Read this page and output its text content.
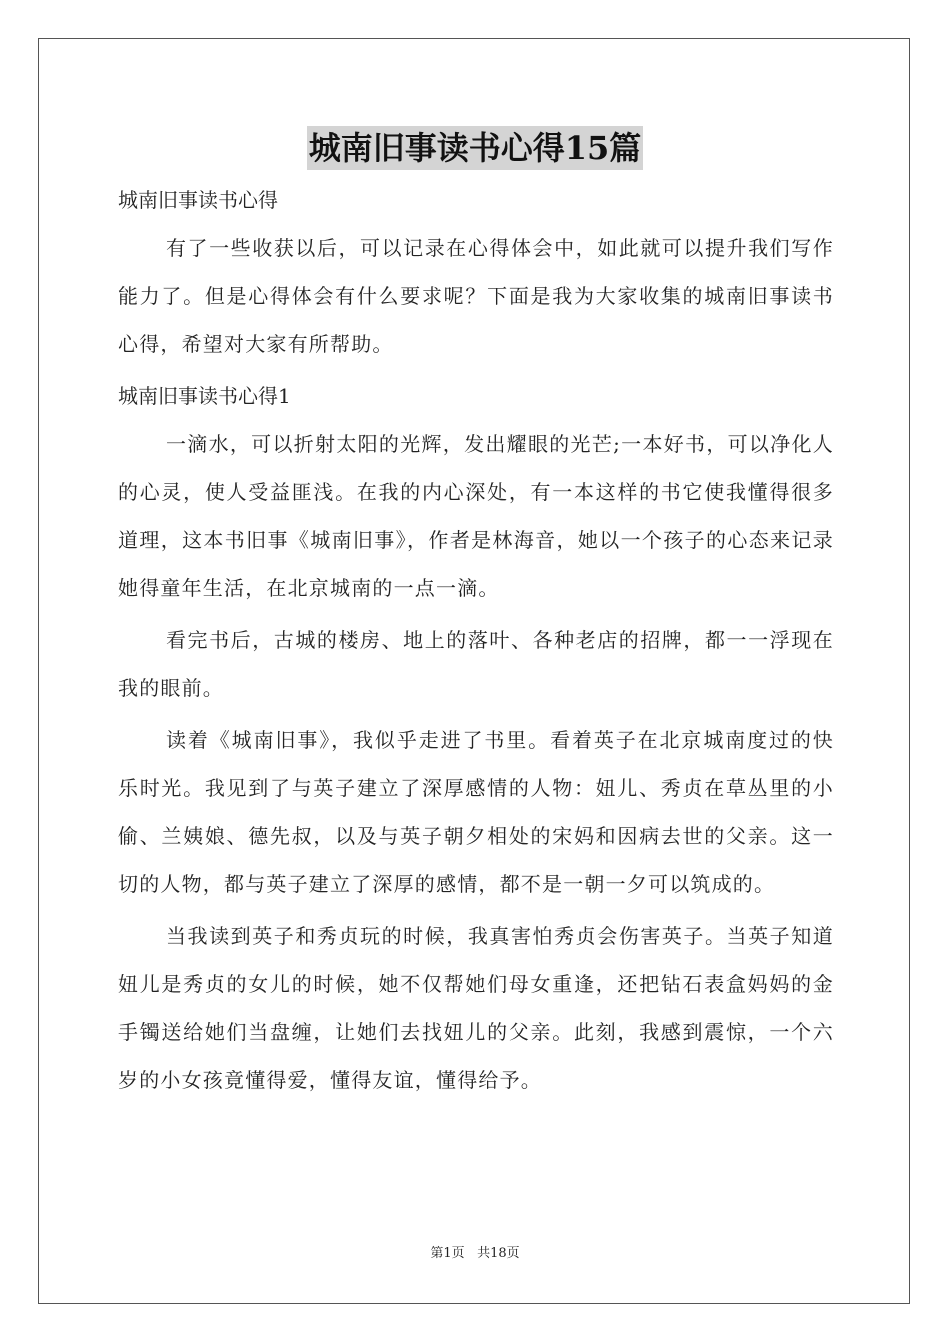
城南旧事读书心得15篇

城南旧事读书心得

有了一些收获以后，可以记录在心得体会中，如此就可以提升我们写作能力了。但是心得体会有什么要求呢？下面是我为大家收集的城南旧事读书心得，希望对大家有所帮助。

城南旧事读书心得1

一滴水，可以折射太阳的光辉，发出耀眼的光芒;一本好书，可以净化人的心灵，使人受益匪浅。在我的内心深处，有一本这样的书它使我懂得很多道理，这本书旧事《城南旧事》，作者是林海音，她以一个孩子的心态来记录她得童年生活，在北京城南的一点一滴。

看完书后，古城的楼房、地上的落叶、各种老店的招牌，都一一浮现在我的眼前。

读着《城南旧事》，我似乎走进了书里。看着英子在北京城南度过的快乐时光。我见到了与英子建立了深厚感情的人物：妞儿、秀贞在草丛里的小偷、兰姨娘、德先叔，以及与英子朝夕相处的宋妈和因病去世的父亲。这一切的人物，都与英子建立了深厚的感情，都不是一朝一夕可以筑成的。

当我读到英子和秀贞玩的时候，我真害怕秀贞会伤害英子。当英子知道妞儿是秀贞的女儿的时候，她不仅帮她们母女重逢，还把钻石表盒妈妈的金手镯送给她们当盘缠，让她们去找妞儿的父亲。此刻，我感到震惊，一个六岁的小女孩竟懂得爱，懂得友谊，懂得给予。

第1页 共18页
